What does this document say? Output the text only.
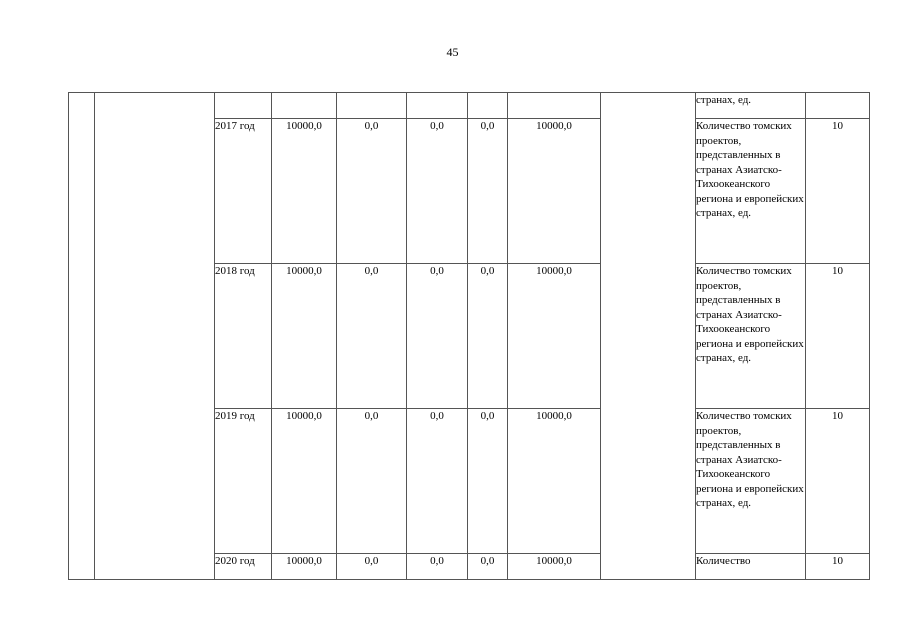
45
									странах, ед.	
		2017 год	10000,0	0,0	0,0	0,0	10000,0		Количество томских проектов, представленных в странах Азиатско-Тихоокеанского региона и европейских странах, ед.	10
		2018 год	10000,0	0,0	0,0	0,0	10000,0		Количество томских проектов, представленных в странах Азиатско-Тихоокеанского региона и европейских странах, ед.	10
		2019 год	10000,0	0,0	0,0	0,0	10000,0		Количество томских проектов, представленных в странах Азиатско-Тихоокеанского региона и европейских странах, ед.	10
		2020 год	10000,0	0,0	0,0	0,0	10000,0		Количество	10
